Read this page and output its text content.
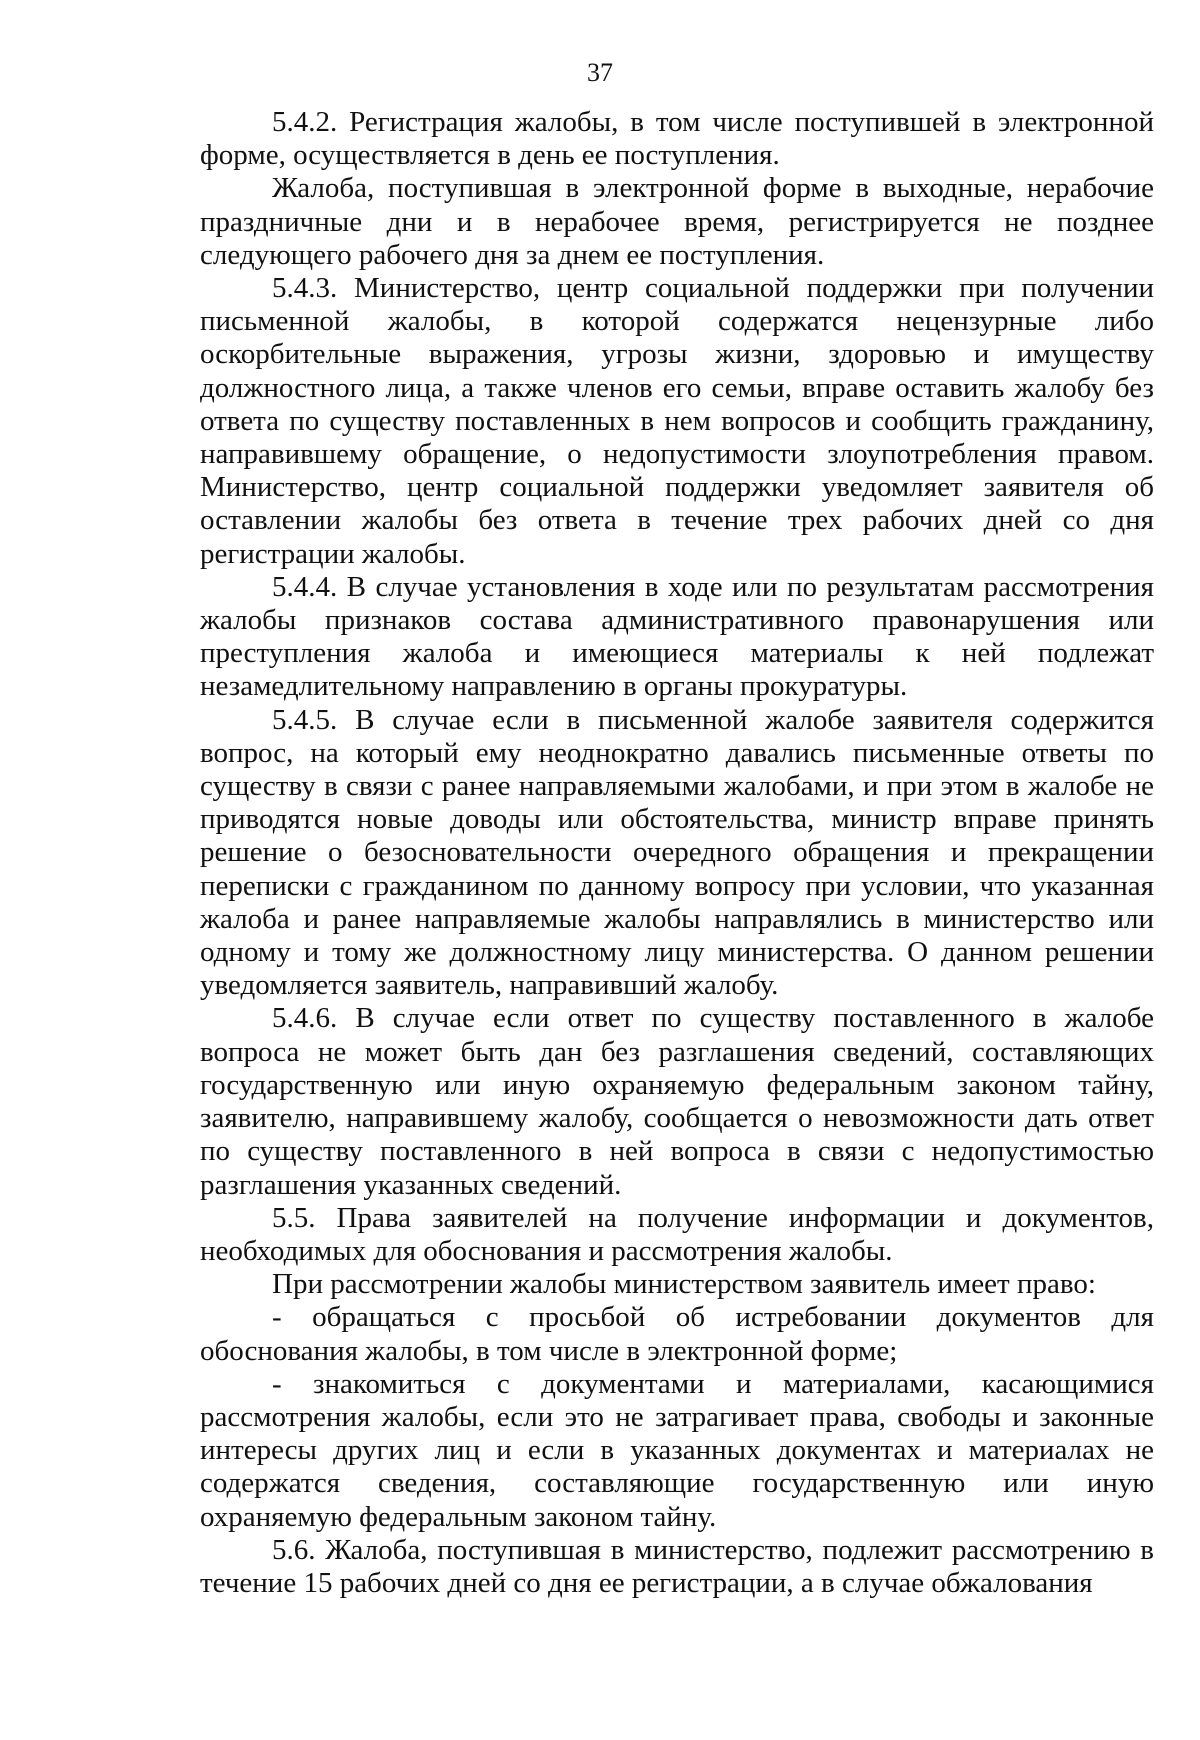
37

5.4.2. Регистрация жалобы, в том числе поступившей в электронной форме, осуществляется в день ее поступления.

Жалоба, поступившая в электронной форме в выходные, нерабочие праздничные дни и в нерабочее время, регистрируется не позднее следующего рабочего дня за днем ее поступления.

5.4.3. Министерство, центр социальной поддержки при получении письменной жалобы, в которой содержатся нецензурные либо оскорбительные выражения, угрозы жизни, здоровью и имуществу должностного лица, а также членов его семьи, вправе оставить жалобу без ответа по существу поставленных в нем вопросов и сообщить гражданину, направившему обращение, о недопустимости злоупотребления правом. Министерство, центр социальной поддержки уведомляет заявителя об оставлении жалобы без ответа в течение трех рабочих дней со дня регистрации жалобы.

5.4.4. В случае установления в ходе или по результатам рассмотрения жалобы признаков состава административного правонарушения или преступления жалоба и имеющиеся материалы к ней подлежат незамедлительному направлению в органы прокуратуры.

5.4.5. В случае если в письменной жалобе заявителя содержится вопрос, на который ему неоднократно давались письменные ответы по существу в связи с ранее направляемыми жалобами, и при этом в жалобе не приводятся новые доводы или обстоятельства, министр вправе принять решение о безосновательности очередного обращения и прекращении переписки с гражданином по данному вопросу при условии, что указанная жалоба и ранее направляемые жалобы направлялись в министерство или одному и тому же должностному лицу министерства. О данном решении уведомляется заявитель, направивший жалобу.

5.4.6. В случае если ответ по существу поставленного в жалобе вопроса не может быть дан без разглашения сведений, составляющих государственную или иную охраняемую федеральным законом тайну, заявителю, направившему жалобу, сообщается о невозможности дать ответ по существу поставленного в ней вопроса в связи с недопустимостью разглашения указанных сведений.

5.5. Права заявителей на получение информации и документов, необходимых для обоснования и рассмотрения жалобы.

При рассмотрении жалобы министерством заявитель имеет право:

- обращаться с просьбой об истребовании документов для обоснования жалобы, в том числе в электронной форме;

- знакомиться с документами и материалами, касающимися рассмотрения жалобы, если это не затрагивает права, свободы и законные интересы других лиц и если в указанных документах и материалах не содержатся сведения, составляющие государственную или иную охраняемую федеральным законом тайну.

5.6. Жалоба, поступившая в министерство, подлежит рассмотрению в течение 15 рабочих дней со дня ее регистрации, а в случае обжалования
